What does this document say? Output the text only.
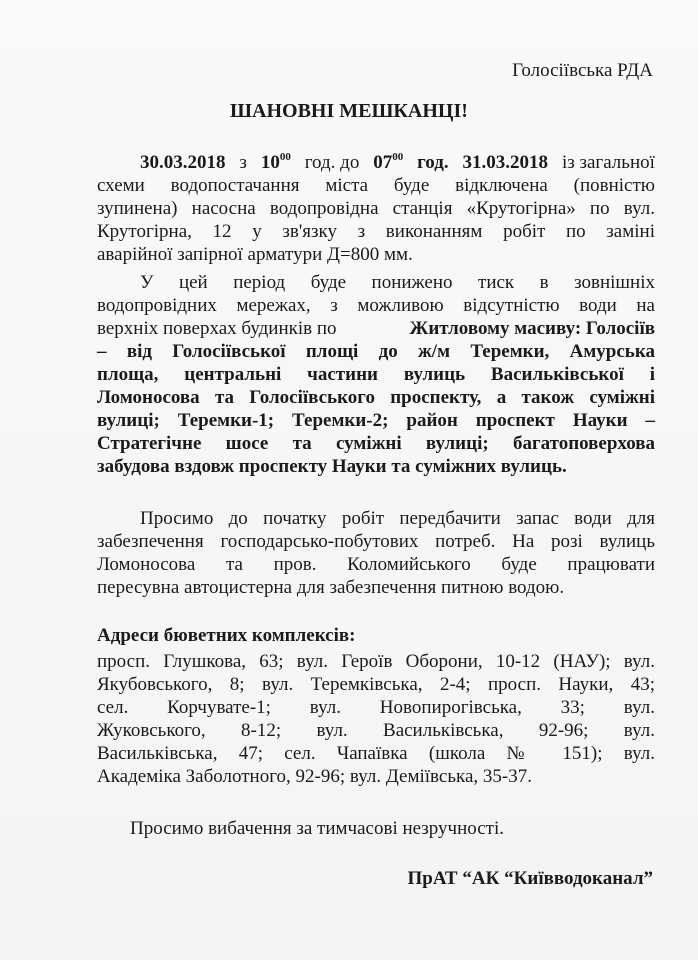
Голосіївська РДА
ШАНОВНІ МЕШКАНЦІ!
30.03.2018 з $10^{00}$ год. до $07^{00}$ год. 31.03.2018 із загальної
схеми водопостачання міста буде відключена (повністю
зупинена) насосна водопровідна станція «Крутогірна» по вул.
Крутогірна, 12 у зв'язку з виконанням робіт по заміні
аварійної запірної арматури Д=800 мм.
У цей період буде понижено тиск в зовнішніх
водопровідних мережах, з можливою відсутністю води на
верхніх поверхах будинків по	Житловому масиву: Голосіїв
– від Голосіївської площі до ж/м Теремки, Амурська
площа, центральні частини вулиць Васильківської і
Ломоносова та Голосіївського проспекту, а також суміжні
вулиці; Теремки-1; Теремки-2; район проспект Науки –
Стратегічне шосе та суміжні вулиці; багатоповерхова
забудова вздовж проспекту Науки та суміжних вулиць.
Просимо до початку робіт передбачити запас води для
забезпечення господарсько-побутових потреб. На розі вулиць
Ломоносова та пров. Коломийського буде працювати
пересувна автоцистерна для забезпечення питною водою.
Адреси бюветних комплексів:
просп. Глушкова, 63; вул. Героїв Оборони, 10-12 (НАУ); вул.
Якубовського, 8; вул. Теремківська, 2-4; просп. Науки, 43;
сел. Корчувате-1; вул. Новопирогівська, 33; вул.
Жуковського, 8-12; вул. Васильківська, 92-96; вул.
Васильківська, 47; сел. Чапаївка (школа № 151); вул.
Академіка Заболотного, 92-96; вул. Деміївська, 35-37.
Просимо вибачення за тимчасові незручності.
ПрАТ “АК “Київводоканал”
